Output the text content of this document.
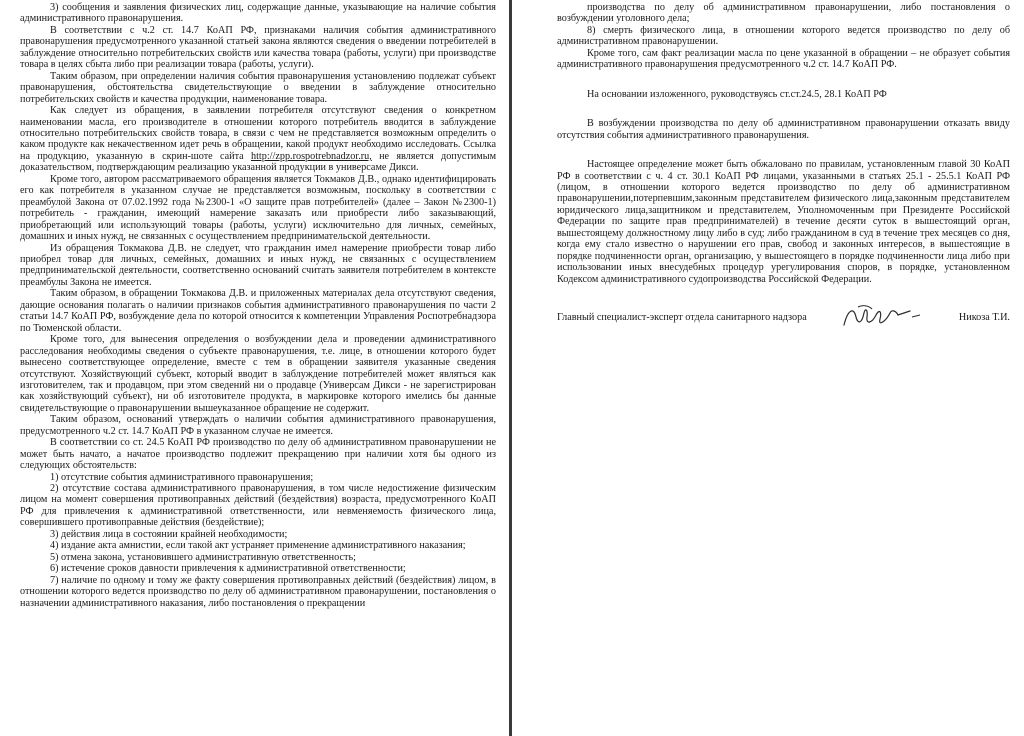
3) сообщения и заявления физических лиц, содержащие данные, указывающие на наличие события административного правонарушения.

В соответствии с ч.2 ст. 14.7 КоАП РФ, признаками наличия события административного правонарушения предусмотренного указанной статьей закона являются сведения о введении потребителей в заблуждение относительно потребительских свойств или качества товара (работы, услуги) при производстве товара в целях сбыта либо при реализации товара (работы, услуги).

Таким образом, при определении наличия события правонарушения установлению подлежат субъект правонарушения, обстоятельства свидетельствующие о введении в заблуждение относительно потребительских свойств и качества продукции, наименование товара.

Как следует из обращения, в заявлении потребителя отсутствуют сведения о конкретном наименовании масла, его производителе в отношении которого потребитель вводится в заблуждение относительно потребительских свойств товара, в связи с чем не представляется возможным определить о каком продукте как некачественном идет речь в обращении, какой продукт необходимо исследовать. Ссылка на продукцию, указанную в скрин-шоте сайта http://zpp.rospotrebnadzor.ru, не является допустимым доказательством, подтверждающим реализацию указанной продукции в универсаме Дикси.

Кроме того, автором рассматриваемого обращения является Токмаков Д.В., однако идентифицировать его как потребителя в указанном случае не представляется возможным, поскольку в соответствии с преамбулой Закона от 07.02.1992 года №2300-1 «О защите прав потребителей» (далее – Закон №2300-1) потребитель - гражданин, имеющий намерение заказать или приобрести либо заказывающий, приобретающий или использующий товары (работы, услуги) исключительно для личных, семейных, домашних и иных нужд, не связанных с осуществлением предпринимательской деятельности.

Из обращения Токмакова Д.В. не следует, что гражданин имел намерение приобрести товар либо приобрел товар для личных, семейных, домашних и иных нужд, не связанных с осуществлением предпринимательской деятельности, соответственно оснований считать заявителя потребителем в контексте преамбулы Закона не имеется.

Таким образом, в обращении Токмакова Д.В. и приложенных материалах дела отсутствуют сведения, дающие основания полагать о наличии признаков события административного правонарушения по части 2 статьи 14.7 КоАП РФ, возбуждение дела по которой относится к компетенции Управления Роспотребнадзора по Тюменской области.

Кроме того, для вынесения определения о возбуждении дела и проведении административного расследования необходимы сведения о субъекте правонарушения, т.е. лице, в отношении которого будет вынесено соответствующее определение, вместе с тем в обращении заявителя указанные сведения отсутствуют. Хозяйствующий субъект, который вводит в заблуждение потребителей может являться как изготовителем, так и продавцом, при этом сведений ни о продавце (Универсам Дикси - не зарегистрирован как хозяйствующий субъект), ни об изготовителе продукта, в маркировке которого имелись бы данные свидетельствующие о правонарушении вышеуказанное обращение не содержит.

Таким образом, оснований утверждать о наличии события административного правонарушения, предусмотренного ч.2 ст. 14.7 КоАП РФ в указанном случае не имеется.

В соответствии со ст. 24.5 КоАП РФ производство по делу об административном правонарушении не может быть начато, а начатое производство подлежит прекращению при наличии хотя бы одного из следующих обстоятельств:

1) отсутствие события административного правонарушения;

2) отсутствие состава административного правонарушения, в том числе недостижение физическим лицом на момент совершения противоправных действий (бездействия) возраста, предусмотренного КоАП РФ для привлечения к административной ответственности, или невменяемость физического лица, совершившего противоправные действия (бездействие);

3) действия лица в состоянии крайней необходимости;

4) издание акта амнистии, если такой акт устраняет применение административного наказания;

5) отмена закона, установившего административную ответственность;

6) истечение сроков давности привлечения к административной ответственности;

7) наличие по одному и тому же факту совершения противоправных действий (бездействия) лицом, в отношении которого ведется производство по делу об административном правонарушении, постановления о назначении административного наказания, либо постановления о прекращении

производства по делу об административном правонарушении, либо постановления о возбуждении уголовного дела;

8) смерть физического лица, в отношении которого ведется производство по делу об административном правонарушении.

Кроме того, сам факт реализации масла по цене указанной в обращении – не образует события административного правонарушения предусмотренного ч.2 ст. 14.7 КоАП РФ.

На основании изложенного, руководствуясь ст.ст.24.5, 28.1 КоАП РФ

В возбуждении производства по делу об административном правонарушении отказать ввиду отсутствия события административного правонарушения.

Настоящее определение может быть обжаловано по правилам, установленным главой 30 КоАП РФ в соответствии с ч. 4 ст. 30.1 КоАП РФ лицами, указанными в статьях 25.1 - 25.5.1 КоАП РФ (лицом, в отношении которого ведется производство по делу об административном правонарушении,потерпевшим,законным представителем физического лица,законным представителем юридического лица,защитником и представителем, Уполномоченным при Президенте Российской Федерации по защите прав предпринимателей) в течение десяти суток в вышестоящий орган, вышестоящему должностному лицу либо в суд; либо гражданином в суд в течение трех месяцев со дня, когда ему стало известно о нарушении его прав, свобод и законных интересов, в вышестоящие в порядке подчиненности орган, организацию, у вышестоящего в порядке подчиненности лица либо при использовании иных внесудебных процедур урегулирования споров, в порядке, установленном Кодексом административного судопроизводства Российской Федерации.

Главный специалист-эксперт отдела санитарного надзора	Никоза Т.И.
